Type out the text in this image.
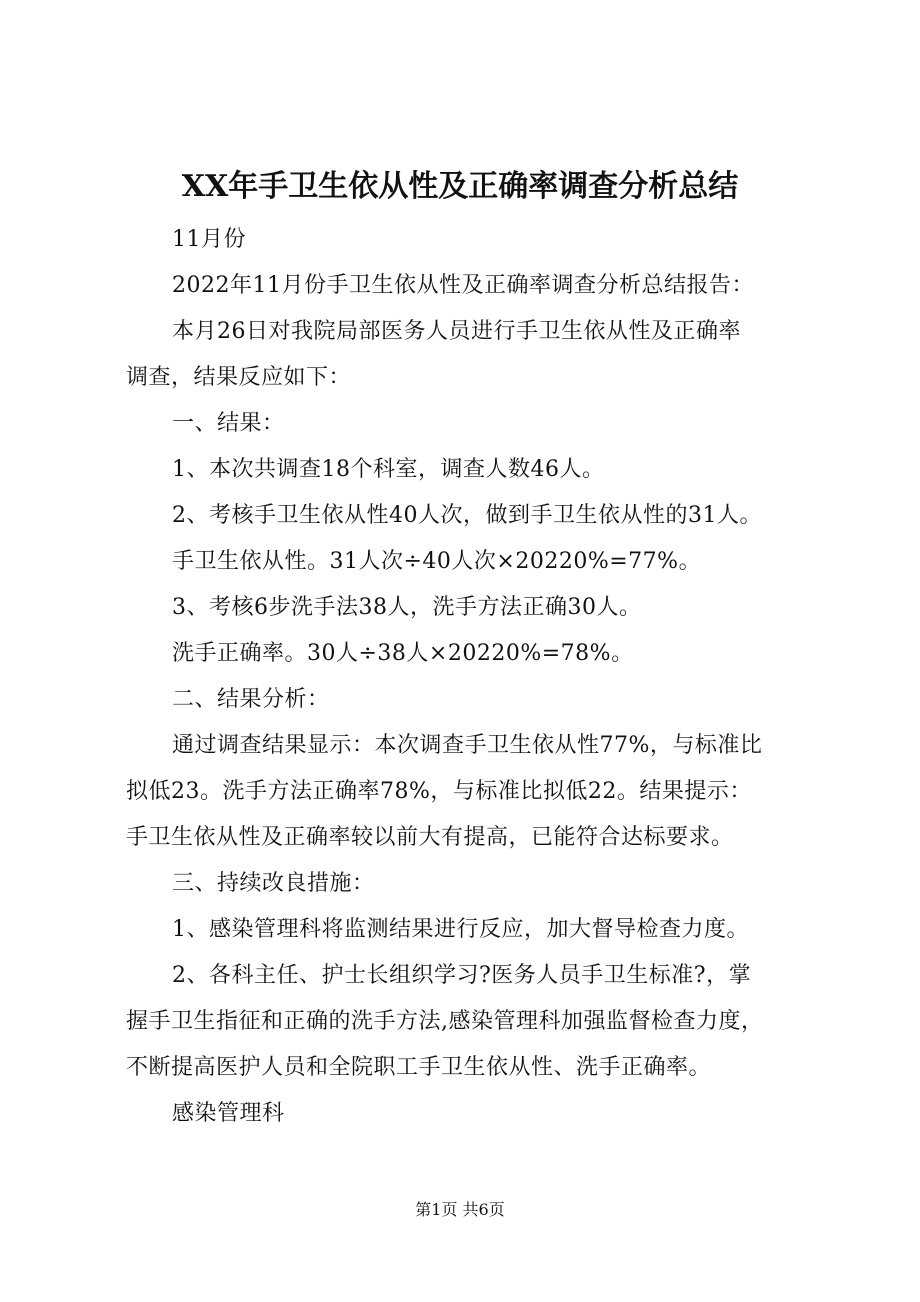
XX年手卫生依从性及正确率调查分析总结
11月份
2022年11月份手卫生依从性及正确率调查分析总结报告：
本月26日对我院局部医务人员进行手卫生依从性及正确率
调查，结果反应如下：
一、结果：
1、本次共调查18个科室，调查人数46人。
2、考核手卫生依从性40人次，做到手卫生依从性的31人。
手卫生依从性。31人次÷40人次×20220%=77%。
3、考核6步洗手法38人，洗手方法正确30人。
洗手正确率。30人÷38人×20220%=78%。
二、结果分析：
通过调查结果显示：本次调查手卫生依从性77%，与标准比
拟低23。洗手方法正确率78%，与标准比拟低22。结果提示：
手卫生依从性及正确率较以前大有提高，已能符合达标要求。
三、持续改良措施：
1、感染管理科将监测结果进行反应，加大督导检查力度。
2、各科主任、护士长组织学习?医务人员手卫生标准?，掌
握手卫生指征和正确的洗手方法,感染管理科加强监督检查力度，
不断提高医护人员和全院职工手卫生依从性、洗手正确率。
感染管理科
第1页 共6页
